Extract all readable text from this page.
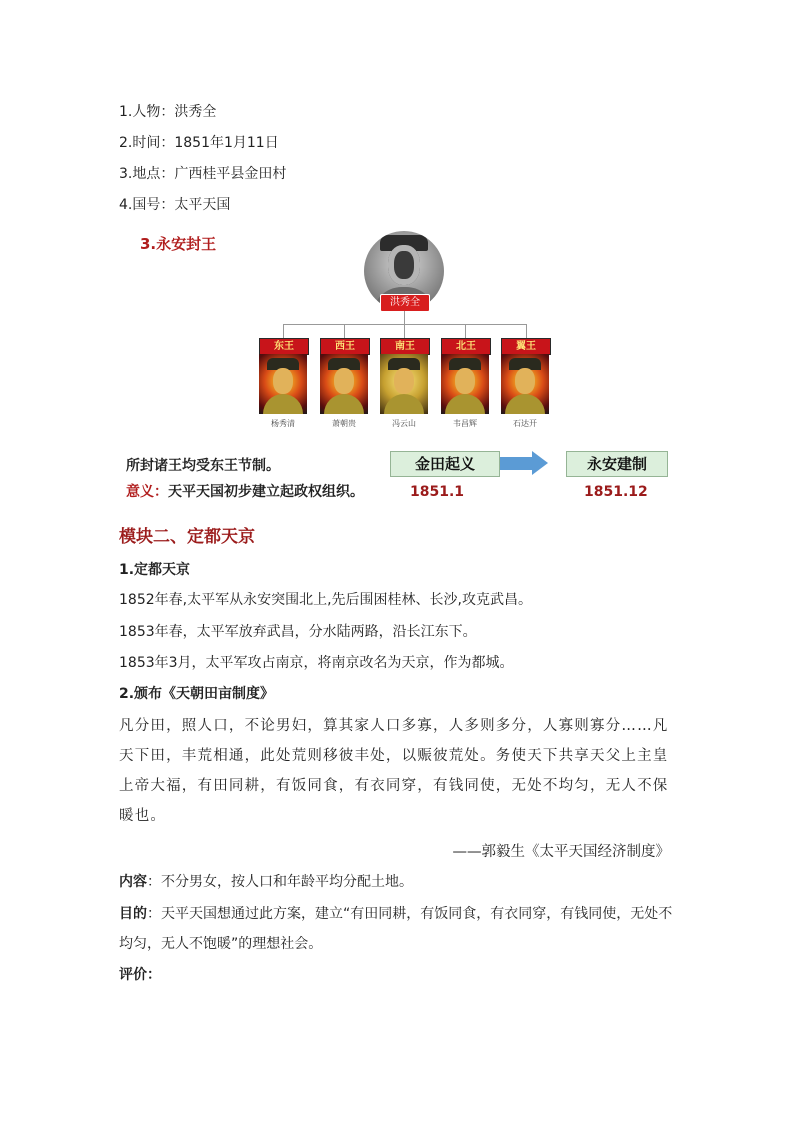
1.人物：洪秀全
2.时间：1851年1月11日
3.地点：广西桂平县金田村
4.国号：太平天国
3.永安封王
洪秀全
东王
杨秀清
西王
萧朝贵
南王
冯云山
北王
韦昌辉
翼王
石达开
所封诸王均受东王节制。
意义：天平天国初步建立起政权组织。
金田起义	永安建制
1851.1	1851.12
模块二、定都天京
1.定都天京
1852年春,太平军从永安突围北上,先后围困桂林、长沙,攻克武昌。
1853年春，太平军放弃武昌，分水陆两路，沿长江东下。
1853年3月，太平军攻占南京，将南京改名为天京，作为都城。
2.颁布《天朝田亩制度》
凡分田，照人口，不论男妇，算其家人口多寡，人多则多分，人寡则寡分……凡
天下田，丰荒相通，此处荒则移彼丰处，以赈彼荒处。务使天下共享天父上主皇
上帝大福，有田同耕，有饭同食，有衣同穿，有钱同使，无处不均匀，无人不保
暖也。
——郭毅生《太平天国经济制度》
内容：不分男女，按人口和年龄平均分配土地。
目的：天平天国想通过此方案，建立“有田同耕，有饭同食，有衣同穿，有钱同使，无处不
均匀，无人不饱暖”的理想社会。
评价：
